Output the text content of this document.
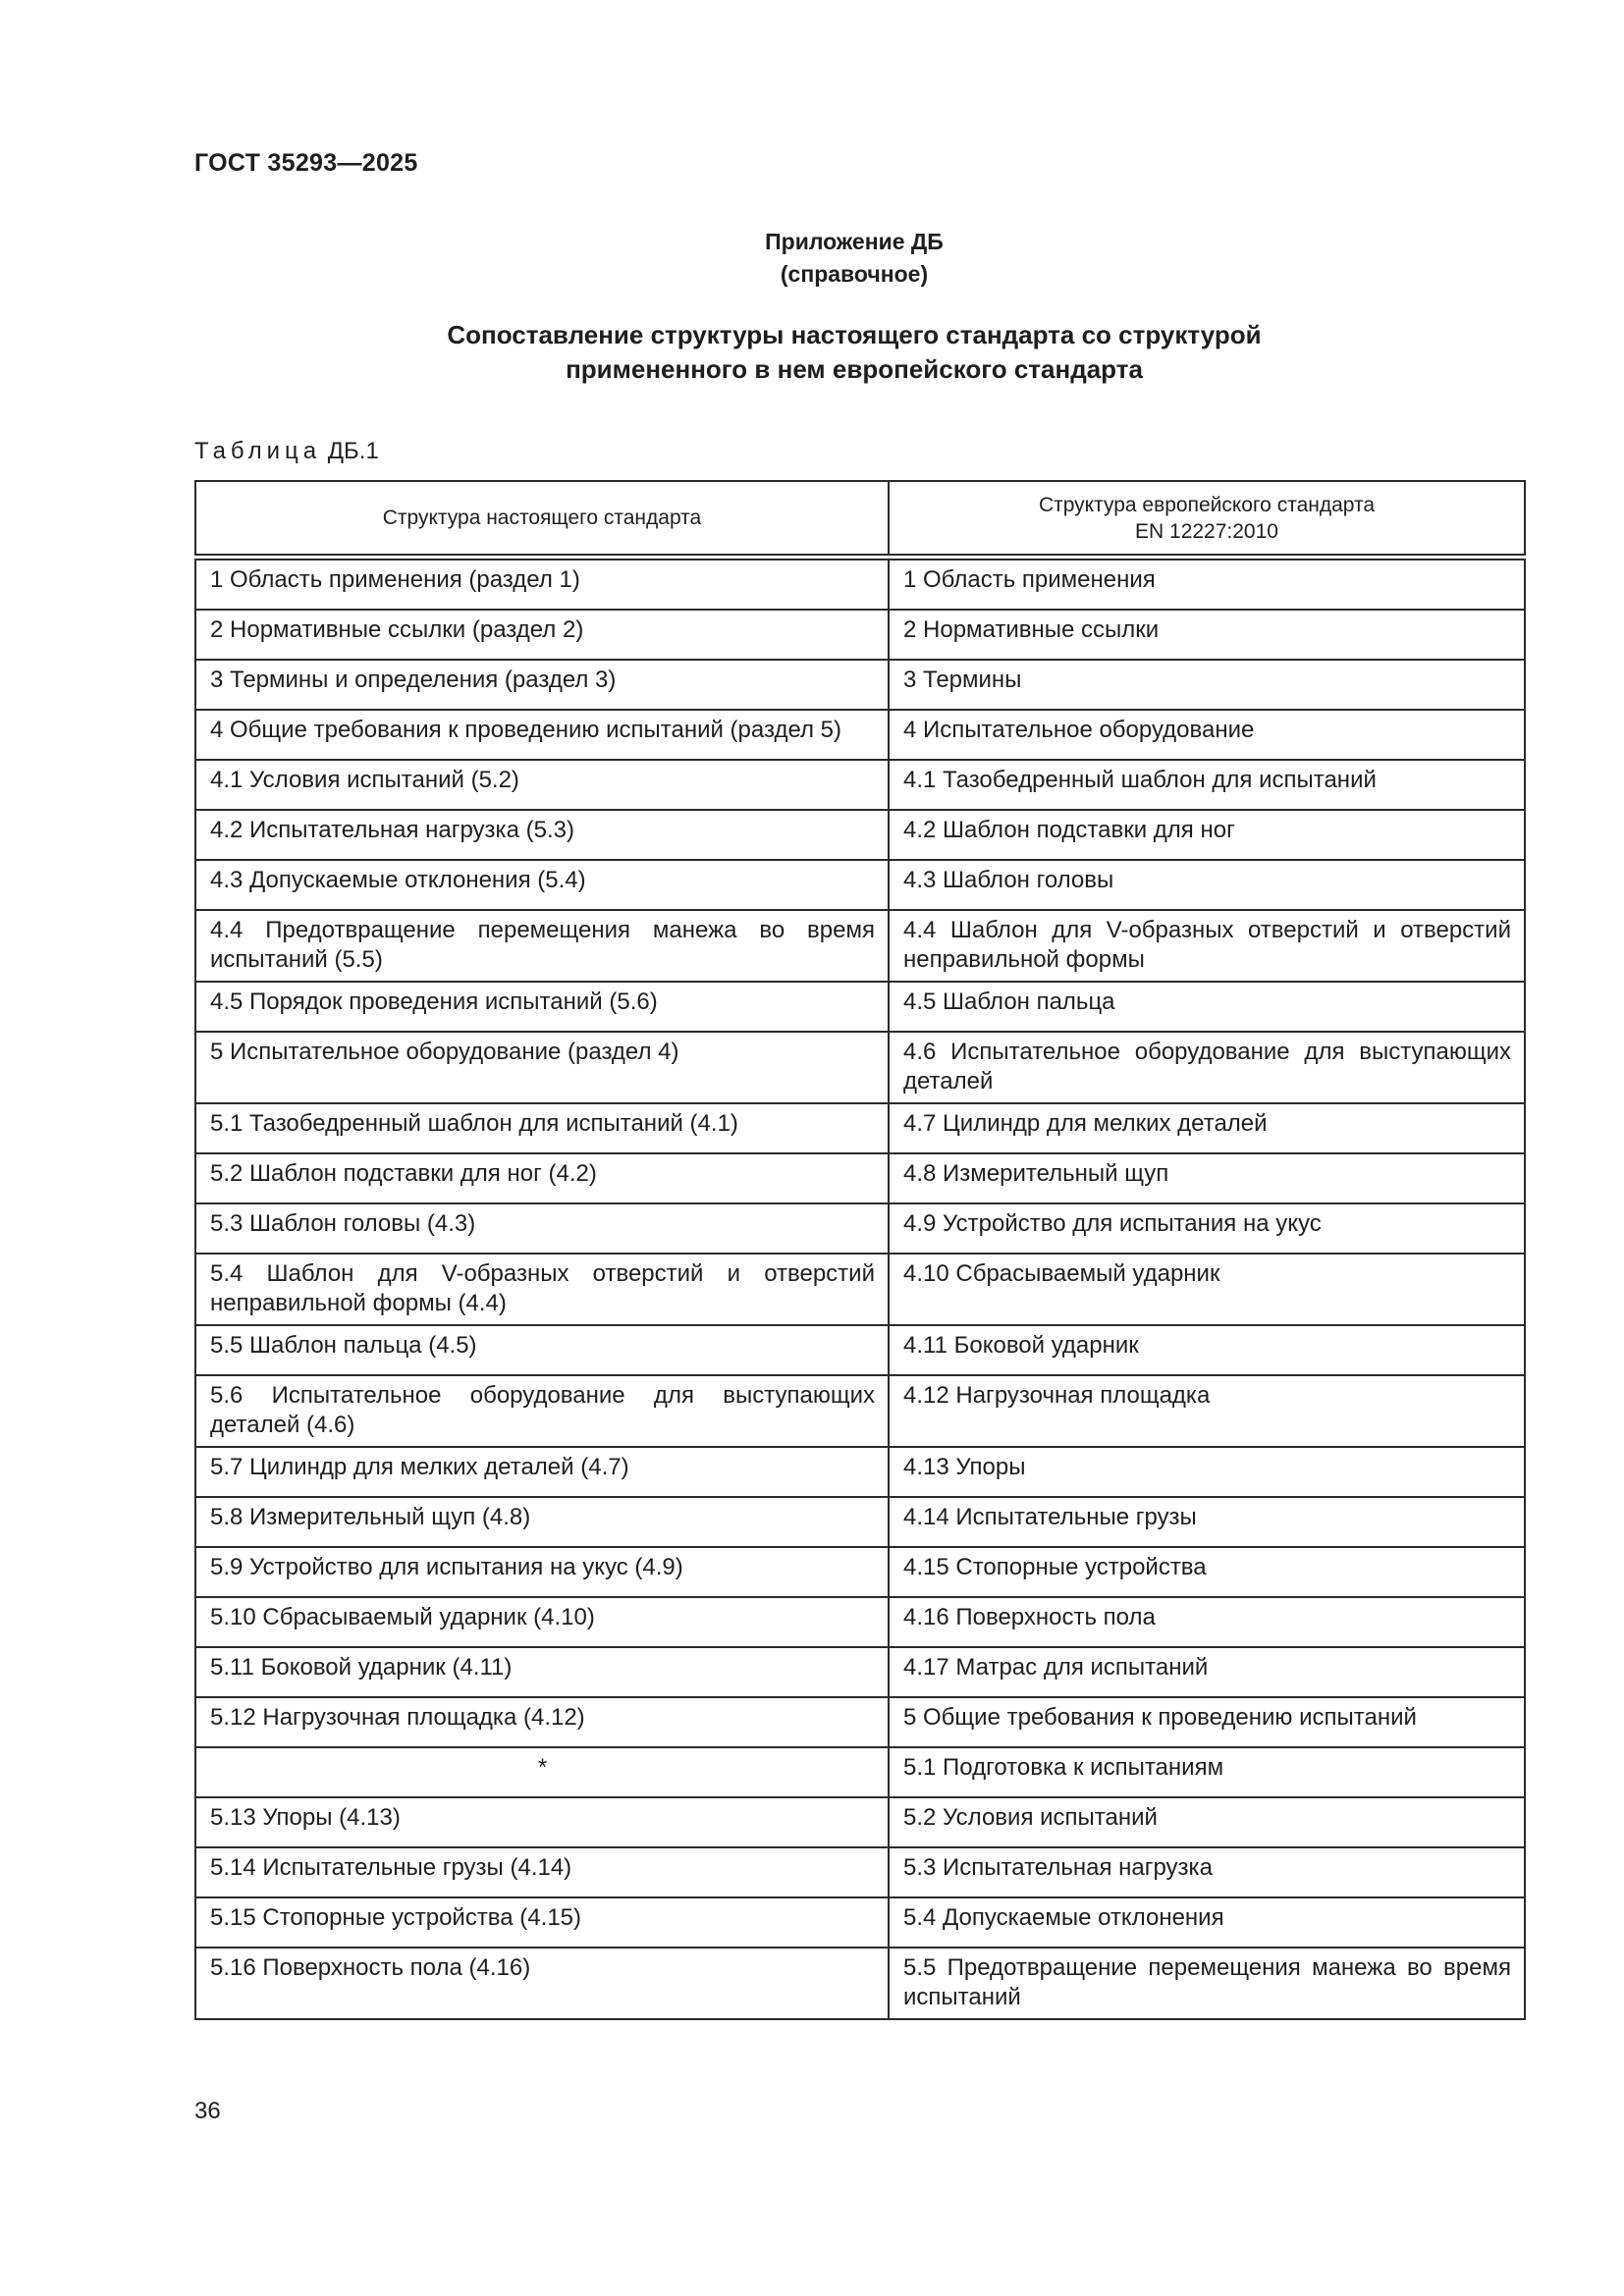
ГОСТ 35293—2025
Приложение ДБ
(справочное)
Сопоставление структуры настоящего стандарта со структурой
примененного в нем европейского стандарта
Таблица ДБ.1
Структура настоящего стандарта	Структура европейского стандарта
EN 12227:2010

1 Область применения (раздел 1)	1 Область применения
2 Нормативные ссылки (раздел 2)	2 Нормативные ссылки
3 Термины и определения (раздел 3)	3 Термины
4 Общие требования к проведению испытаний (раздел 5)	4 Испытательное оборудование
4.1 Условия испытаний (5.2)	4.1 Тазобедренный шаблон для испытаний
4.2 Испытательная нагрузка (5.3)	4.2 Шаблон подставки для ног
4.3 Допускаемые отклонения (5.4)	4.3 Шаблон головы
4.4 Предотвращение перемещения манежа во время испытаний (5.5)	4.4 Шаблон для V-образных отверстий и отверстий неправильной формы
4.5 Порядок проведения испытаний (5.6)	4.5 Шаблон пальца
5 Испытательное оборудование (раздел 4)	4.6 Испытательное оборудование для выступающих деталей
5.1 Тазобедренный шаблон для испытаний (4.1)	4.7 Цилиндр для мелких деталей
5.2 Шаблон подставки для ног (4.2)	4.8 Измерительный щуп
5.3 Шаблон головы (4.3)	4.9 Устройство для испытания на укус
5.4 Шаблон для V-образных отверстий и отверстий неправильной формы (4.4)	4.10 Сбрасываемый ударник
5.5 Шаблон пальца (4.5)	4.11 Боковой ударник
5.6 Испытательное оборудование для выступающих деталей (4.6)	4.12 Нагрузочная площадка
5.7 Цилиндр для мелких деталей (4.7)	4.13 Упоры
5.8 Измерительный щуп (4.8)	4.14 Испытательные грузы
5.9 Устройство для испытания на укус (4.9)	4.15 Стопорные устройства
5.10 Сбрасываемый ударник (4.10)	4.16 Поверхность пола
5.11 Боковой ударник (4.11)	4.17 Матрас для испытаний
5.12 Нагрузочная площадка (4.12)	5 Общие требования к проведению испытаний
*	5.1 Подготовка к испытаниям
5.13 Упоры (4.13)	5.2 Условия испытаний
5.14 Испытательные грузы (4.14)	5.3 Испытательная нагрузка
5.15 Стопорные устройства (4.15)	5.4 Допускаемые отклонения
5.16 Поверхность пола (4.16)	5.5 Предотвращение перемещения манежа во время испытаний
36
